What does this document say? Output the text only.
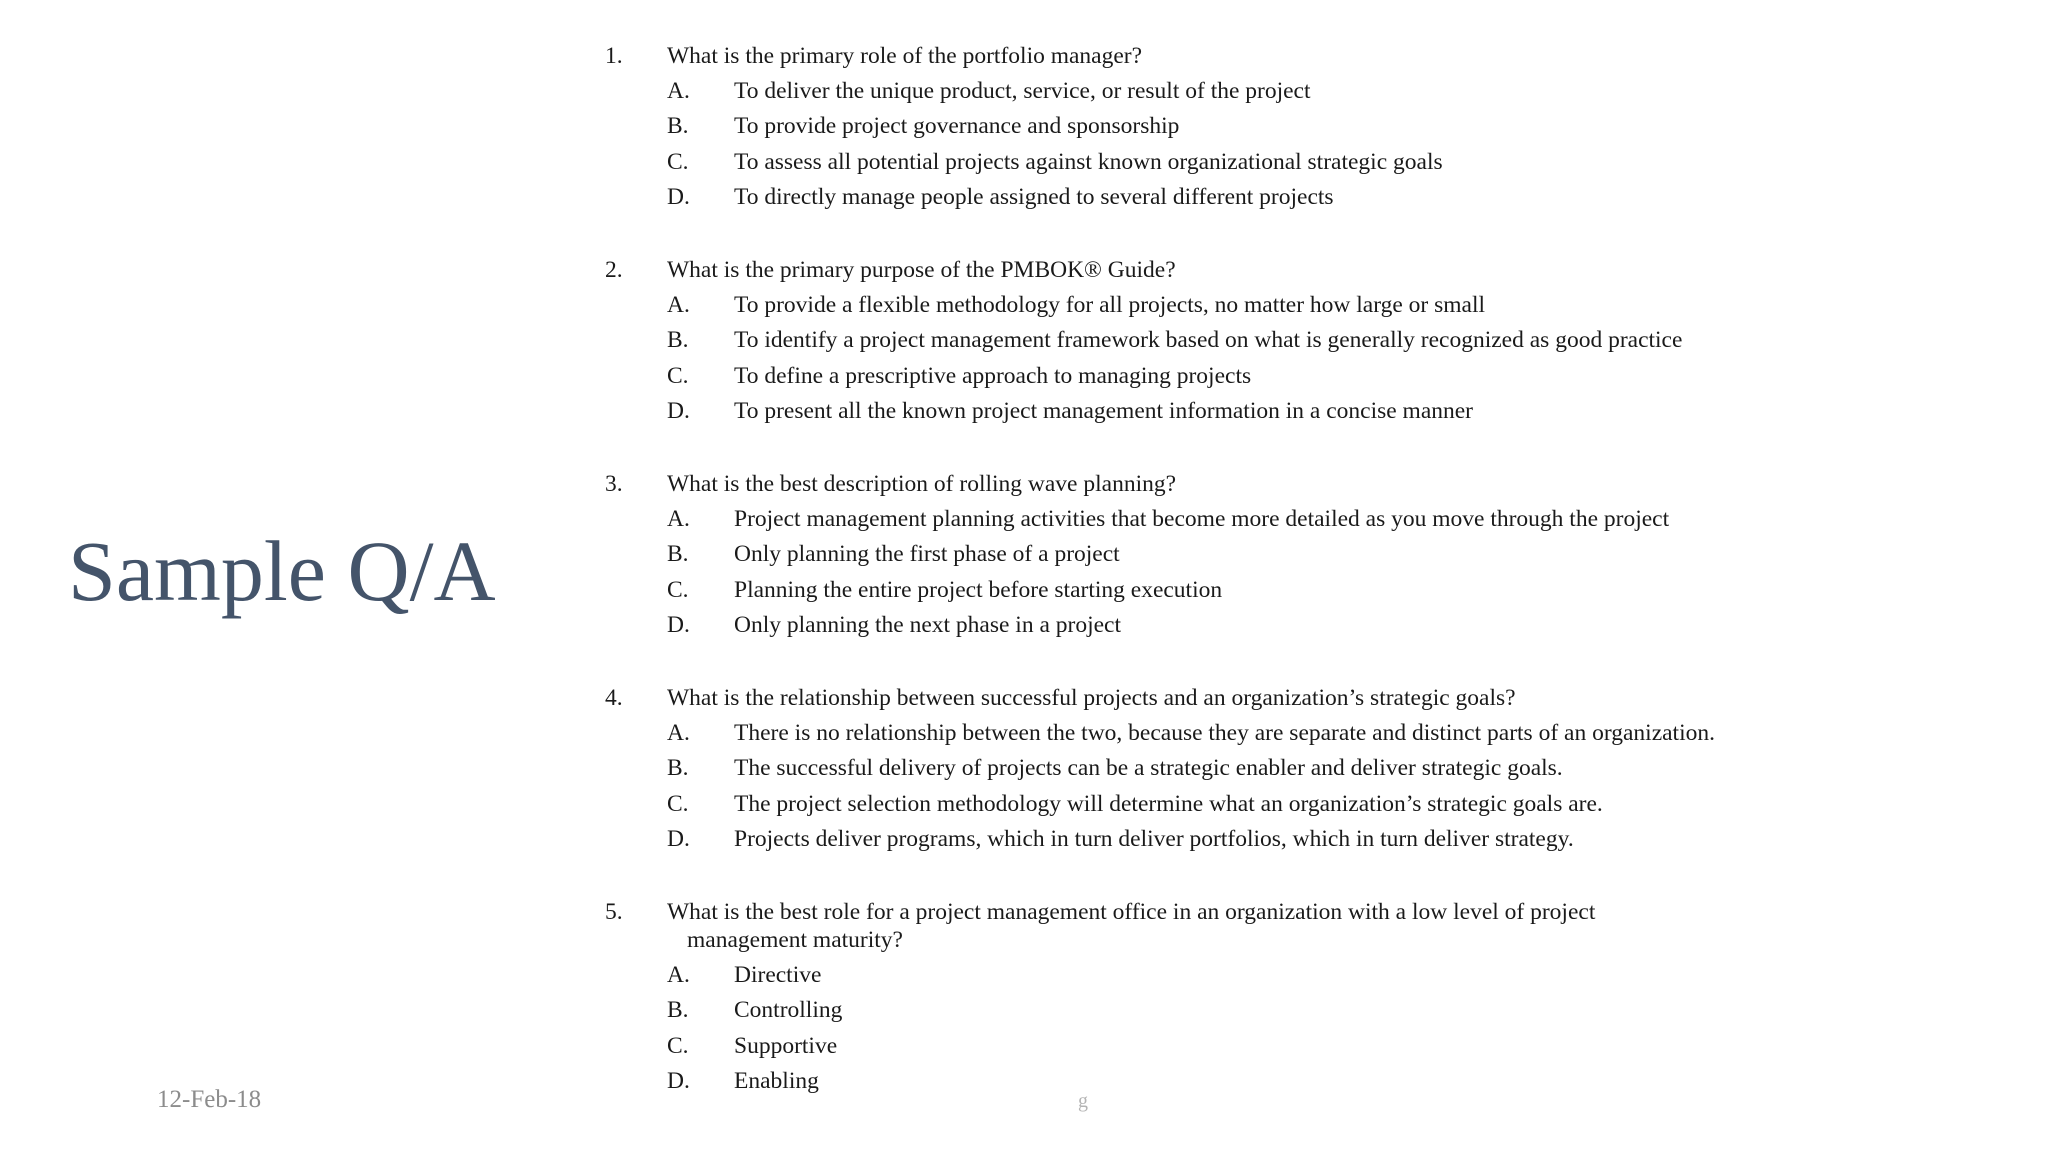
Sample Q/A
1. What is the primary role of the portfolio manager?
A. To deliver the unique product, service, or result of the project
B. To provide project governance and sponsorship
C. To assess all potential projects against known organizational strategic goals
D. To directly manage people assigned to several different projects
2. What is the primary purpose of the PMBOK® Guide?
A. To provide a flexible methodology for all projects, no matter how large or small
B. To identify a project management framework based on what is generally recognized as good practice
C. To define a prescriptive approach to managing projects
D. To present all the known project management information in a concise manner
3. What is the best description of rolling wave planning?
A. Project management planning activities that become more detailed as you move through the project
B. Only planning the first phase of a project
C. Planning the entire project before starting execution
D. Only planning the next phase in a project
4. What is the relationship between successful projects and an organization’s strategic goals?
A. There is no relationship between the two, because they are separate and distinct parts of an organization.
B. The successful delivery of projects can be a strategic enabler and deliver strategic goals.
C. The project selection methodology will determine what an organization’s strategic goals are.
D. Projects deliver programs, which in turn deliver portfolios, which in turn deliver strategy.
5. What is the best role for a project management office in an organization with a low level of project
management maturity?
A. Directive
B. Controlling
C. Supportive
D. Enabling
12-Feb-18	g
